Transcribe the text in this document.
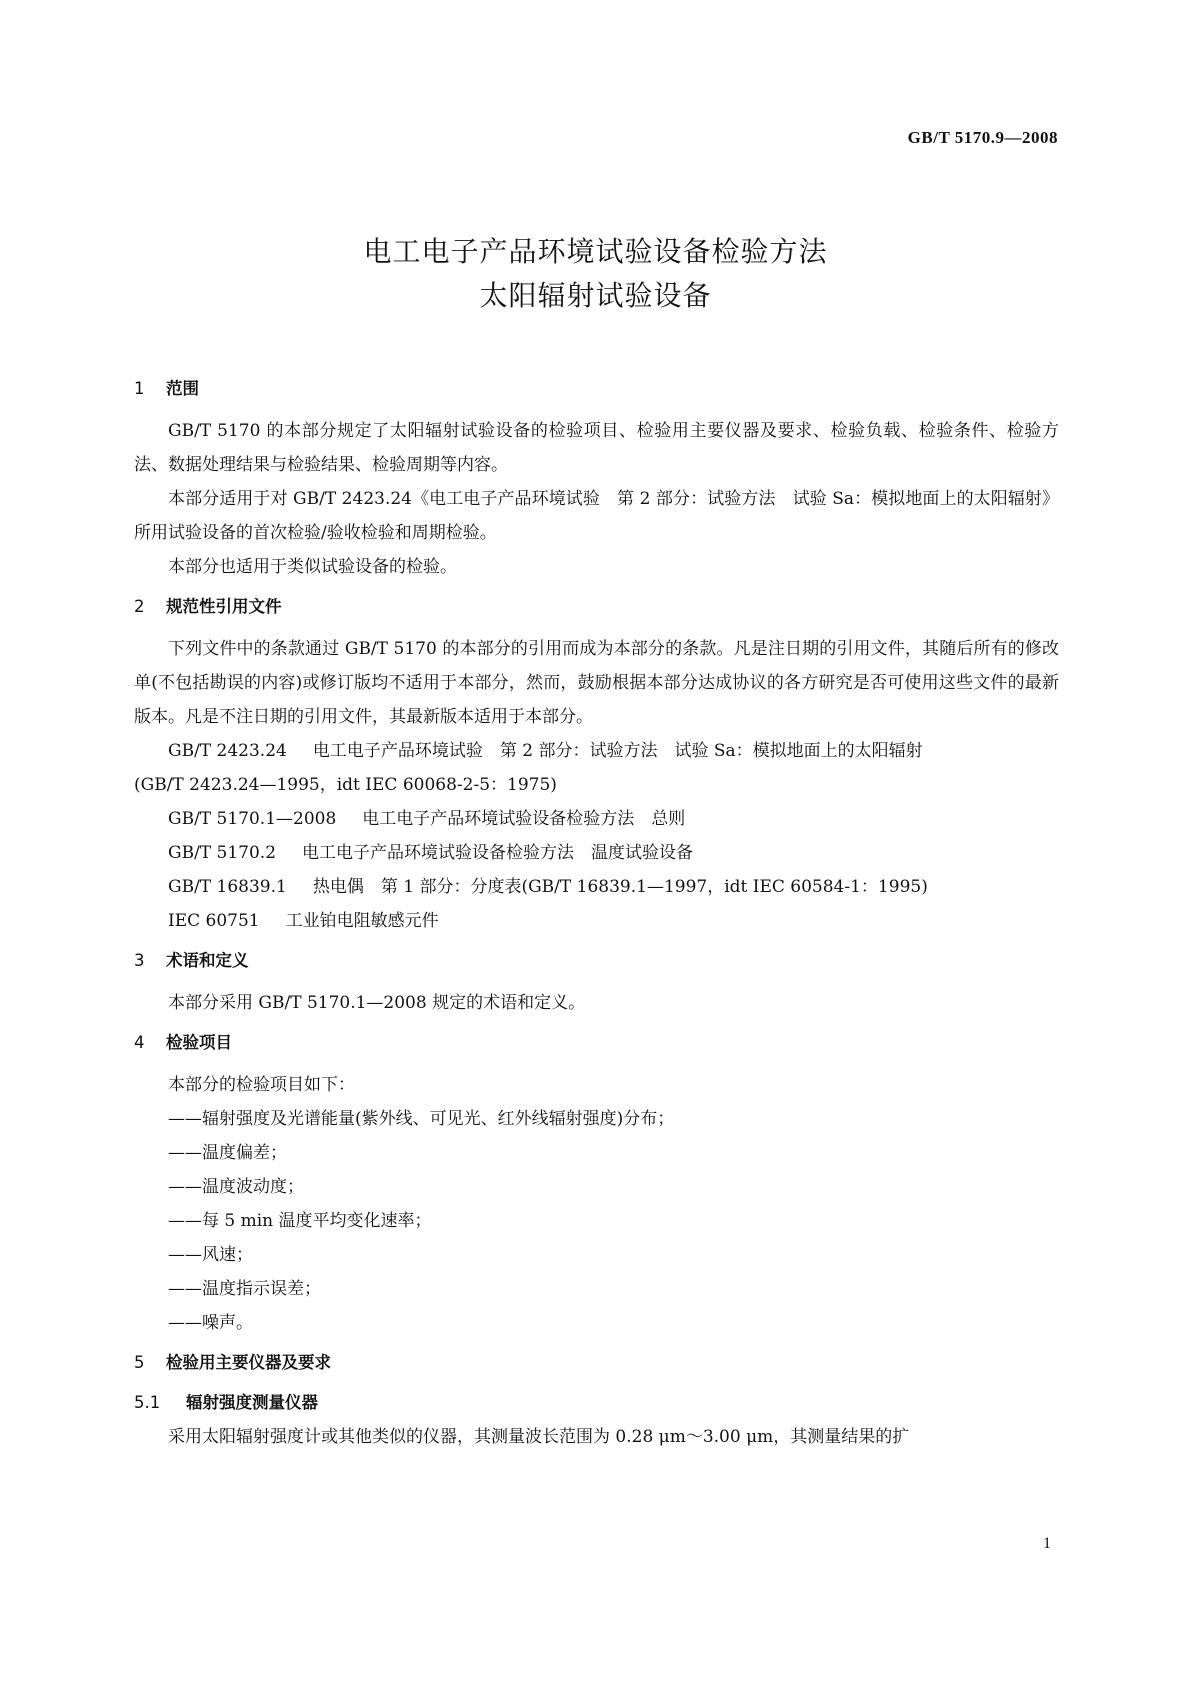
GB/T 5170.9—2008
电工电子产品环境试验设备检验方法
太阳辐射试验设备
1 范围

GB/T 5170 的本部分规定了太阳辐射试验设备的检验项目、检验用主要仪器及要求、检验负载、检验条件、检验方法、数据处理结果与检验结果、检验周期等内容。

本部分适用于对 GB/T 2423.24《电工电子产品环境试验　第 2 部分：试验方法　试验 Sa：模拟地面上的太阳辐射》所用试验设备的首次检验/验收检验和周期检验。

本部分也适用于类似试验设备的检验。

2 规范性引用文件

下列文件中的条款通过 GB/T 5170 的本部分的引用而成为本部分的条款。凡是注日期的引用文件，其随后所有的修改单(不包括勘误的内容)或修订版均不适用于本部分，然而，鼓励根据本部分达成协议的各方研究是否可使用这些文件的最新版本。凡是不注日期的引用文件，其最新版本适用于本部分。

GB/T 2423.24 电工电子产品环境试验　第 2 部分：试验方法　试验 Sa：模拟地面上的太阳辐射

(GB/T 2423.24—1995，idt IEC 60068-2-5：1975)

GB/T 5170.1—2008 电工电子产品环境试验设备检验方法　总则

GB/T 5170.2 电工电子产品环境试验设备检验方法　温度试验设备

GB/T 16839.1 热电偶　第 1 部分：分度表(GB/T 16839.1—1997，idt IEC 60584-1：1995)

IEC 60751 工业铂电阻敏感元件

3 术语和定义

本部分采用 GB/T 5170.1—2008 规定的术语和定义。

4 检验项目

本部分的检验项目如下：

——辐射强度及光谱能量(紫外线、可见光、红外线辐射强度)分布；
——温度偏差；
——温度波动度；
——每 5 min 温度平均变化速率；
——风速；
——温度指示误差；
——噪声。
5 检验用主要仪器及要求
5.1 辐射强度测量仪器

采用太阳辐射强度计或其他类似的仪器，其测量波长范围为 0.28 μm～3.00 μm，其测量结果的扩

1
